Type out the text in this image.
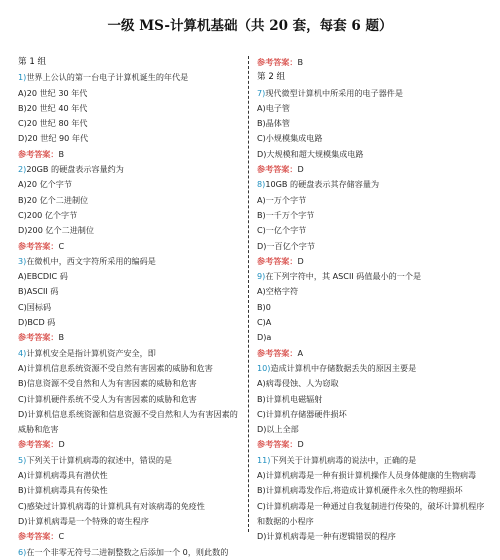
一级 MS-计算机基础（共 20 套，每套 6 题）
第 1 组
1)世界上公认的第一台电子计算机诞生的年代是
A)20 世纪 30 年代
B)20 世纪 40 年代
C)20 世纪 80 年代
D)20 世纪 90 年代
参考答案：B
2)20GB 的硬盘表示容量约为
A)20 亿个字节
B)20 亿个二进制位
C)200 亿个字节
D)200 亿个二进制位
参考答案：C
3)在微机中，西文字符所采用的编码是
A)EBCDIC 码
B)ASCII 码
C)国标码
D)BCD 码
参考答案：B
4)计算机安全是指计算机资产安全，即
A)计算机信息系统资源不受自然有害因素的威胁和危害
B)信息资源不受自然和人为有害因素的威胁和危害
C)计算机硬件系统不受人为有害因素的威胁和危害
D)计算机信息系统资源和信息资源不受自然和人为有害因素的威胁和危害
参考答案：D
5)下列关于计算机病毒的叙述中，错误的是
A)计算机病毒具有潜伏性
B)计算机病毒具有传染性
C)感染过计算机病毒的计算机具有对该病毒的免疫性
D)计算机病毒是一个特殊的寄生程序
参考答案：C
6)在一个非零无符号二进制整数之后添加一个 0，则此数的
参考答案：B
第 2 组
7)现代微型计算机中所采用的电子器件是
A)电子管
B)晶体管
C)小规模集成电路
D)大规模和超大规模集成电路
参考答案：D
8)10GB 的硬盘表示其存储容量为
A)一万个字节
B)一千万个字节
C)一亿个字节
D)一百亿个字节
参考答案：D
9)在下列字符中，其 ASCII 码值最小的一个是
A)空格字符
B)0
C)A
D)a
参考答案：A
10)造成计算机中存储数据丢失的原因主要是
A)病毒侵蚀、人为窃取
B)计算机电磁辐射
C)计算机存储器硬件损坏
D)以上全部
参考答案：D
11)下列关于计算机病毒的说法中，正确的是
A)计算机病毒是一种有损计算机操作人员身体健康的生物病毒
B)计算机病毒发作后,将造成计算机硬件永久性的物理损坏
C)计算机病毒是一种通过自我复制进行传染的，破坏计算机程序和数据的小程序
D)计算机病毒是一种有逻辑错误的程序
